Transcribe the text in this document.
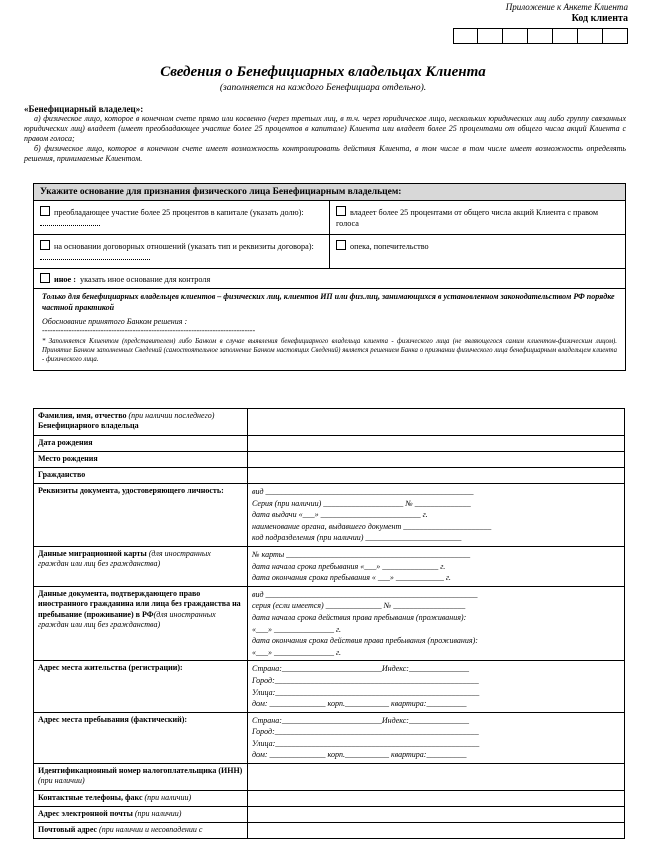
Приложение к Анкете Клиента
Код клиента
Сведения о Бенефициарных владельцах Клиента
(заполняется на каждого Бенефициара отдельно).
«Бенефициарный владелец»:

а) физическое лицо, которое в конечном счете прямо или косвенно (через третьих лиц, в т.ч. через юридическое лицо, нескольких юридических лиц либо группу связанных юридических лиц) владеет (имеет преобладающее участие более 25 процентов в капитале) Клиента или владеет более 25 процентами от общего числа акций Клиента с правом голоса;

б) физическое лицо, которое в конечном счете имеет возможность контролировать действия Клиента, в том числе в том числе имеет возможность определять решения, принимаемые Клиентом.

Укажите основание для признания физического лица Бенефициарным владельцем:
преобладающее участие более 25 процентов в капитале (указать долю):	владеет более 25 процентами от общего числа акций Клиента с правом голоса
на основании договорных отношений (указать тип и реквизиты договора):	опека, попечительство
иное : указать иное основание для контроля
Только для бенефициарных владельцев клиентов – физических лиц, клиентов ИП или физ.лиц, занимающихся в установленном законодательством РФ порядке частной практикой
Обоснование принятого Банком решения :
--------------------------------------------------------------------------------
* Заполняется Клиентом (представителем) либо Банком в случае выявления бенефициарного владельца клиента - физического лица (не являющегося самим клиентом-физическим лицом). Принятие Банком заполненных Сведений (самостоятельное заполнение Банком настоящих Сведений) является решением Банка о признании физического лица бенефициарным владельцем клиента - физического лица.
Фамилия, имя, отчество (при наличии последнего)
Бенефициарного владельца	

Дата рождения	
Место рождения	
Гражданство	
Реквизиты документа, удостоверяющего личность:	вид ____________________________________________________
Серия (при наличии) ____________________ № ______________
дата выдачи «___» _________________________ г.
наименование органа, выдавшего документ ______________________
код подразделения (при наличии) ________________________

Данные миграционной карты (для иностранных граждан или лиц без гражданства)	№ карты ______________________________________________
дата начала срока пребывания «___» ______________ г.
дата окончания срока пребывания « ___» ____________ г.

Данные документа, подтверждающего право иностранного гражданина или лица без гражданства на пребывание (проживание) в РФ(для иностранных граждан или лиц без гражданства)	
вид _____________________________________________________
серия (если имеется) ______________ № __________________
дата начала срока действия права пребывания (проживания):
«___» _______________ г.
дата окончания срока действия права пребывания (проживания):
«___» _______________ г.

Адрес места жительства (регистрации):	Страна:_________________________Индекс:_______________
Город:___________________________________________________
Улица:___________________________________________________
дом: ______________ корп.___________ квартира:__________

Адрес места пребывания (фактический):	Страна:_________________________Индекс:_______________
Город:___________________________________________________
Улица:___________________________________________________
дом: ______________ корп.___________ квартира:__________

Идентификационный номер налогоплательщика (ИНН) (при наличии)	
Контактные телефоны, факс (при наличии)	
Адрес электронной почты (при наличии)	
Почтовый адрес (при наличии и несовпадении с	
